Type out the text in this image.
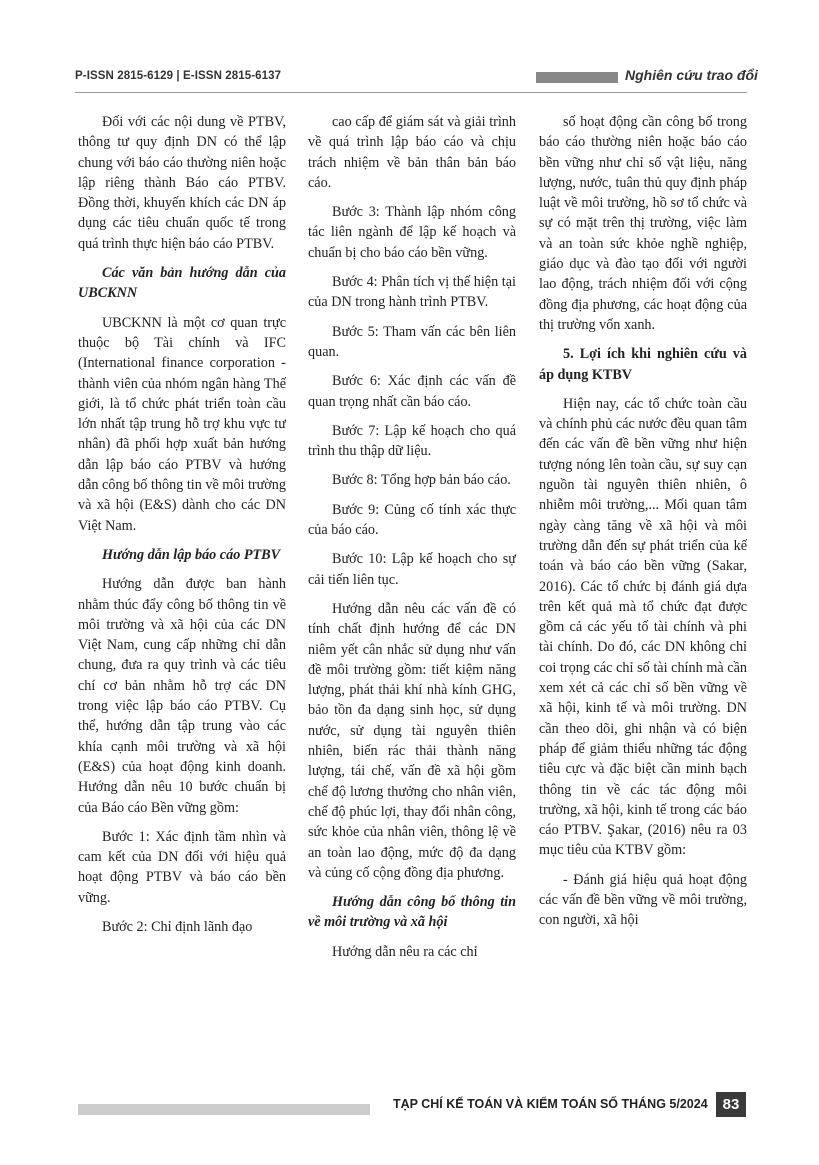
P-ISSN 2815-6129 | E-ISSN 2815-6137	Nghiên cứu trao đổi

Đối với các nội dung về PTBV, thông tư quy định DN có thể lập chung với báo cáo thường niên hoặc lập riêng thành Báo cáo PTBV. Đồng thời, khuyến khích các DN áp dụng các tiêu chuẩn quốc tế trong quá trình thực hiện báo cáo PTBV.

Các văn bản hướng dẫn của UBCKNN

UBCKNN là một cơ quan trực thuộc bộ Tài chính và IFC (International finance corporation - thành viên của nhóm ngân hàng Thế giới, là tổ chức phát triển toàn cầu lớn nhất tập trung hỗ trợ khu vực tư nhân) đã phối hợp xuất bản hướng dẫn lập báo cáo PTBV và hướng dẫn công bố thông tin về môi trường và xã hội (E&S) dành cho các DN Việt Nam.

Hướng dẫn lập báo cáo PTBV

Hướng dẫn được ban hành nhằm thúc đẩy công bố thông tin về môi trường và xã hội của các DN Việt Nam, cung cấp những chỉ dẫn chung, đưa ra quy trình và các tiêu chí cơ bản nhằm hỗ trợ các DN trong việc lập báo cáo PTBV. Cụ thể, hướng dẫn tập trung vào các khía cạnh môi trường và xã hội (E&S) của hoạt động kinh doanh. Hướng dẫn nêu 10 bước chuẩn bị của Báo cáo Bền vững gồm:

Bước 1: Xác định tầm nhìn và cam kết của DN đối với hiệu quả hoạt động PTBV và báo cáo bền vững.

Bước 2: Chỉ định lãnh đạo

cao cấp để giám sát và giải trình về quá trình lập báo cáo và chịu trách nhiệm về bản thân bản báo cáo.

Bước 3: Thành lập nhóm công tác liên ngành để lập kế hoạch và chuẩn bị cho báo cáo bền vững.

Bước 4: Phân tích vị thế hiện tại của DN trong hành trình PTBV.

Bước 5: Tham vấn các bên liên quan.

Bước 6: Xác định các vấn đề quan trọng nhất cần báo cáo.

Bước 7: Lập kế hoạch cho quá trình thu thập dữ liệu.

Bước 8: Tổng hợp bản báo cáo.

Bước 9: Củng cố tính xác thực của báo cáo.

Bước 10: Lập kế hoạch cho sự cải tiến liên tục.

Hướng dẫn nêu các vấn đề có tính chất định hướng để các DN niêm yết cân nhắc sử dụng như vấn đề môi trường gồm: tiết kiệm năng lượng, phát thải khí nhà kính GHG, bảo tồn đa dạng sinh học, sử dụng nước, sử dụng tài nguyên thiên nhiên, biến rác thải thành năng lượng, tái chế, vấn đề xã hội gồm chế độ lương thưởng cho nhân viên, chế độ phúc lợi, thay đổi nhân công, sức khỏe của nhân viên, thông lệ về an toàn lao động, mức độ đa dạng và củng cố cộng đồng địa phương.

Hướng dẫn công bố thông tin về môi trường và xã hội

Hướng dẫn nêu ra các chỉ

số hoạt động cần công bố trong báo cáo thường niên hoặc báo cáo bền vững như chỉ số vật liệu, năng lượng, nước, tuân thủ quy định pháp luật về môi trường, hồ sơ tổ chức và sự có mặt trên thị trường, việc làm và an toàn sức khỏe nghề nghiệp, giáo dục và đào tạo đối với người lao động, trách nhiệm đối với cộng đồng địa phương, các hoạt động của thị trường vốn xanh.

5. Lợi ích khi nghiên cứu và áp dụng KTBV

Hiện nay, các tổ chức toàn cầu và chính phủ các nước đều quan tâm đến các vấn đề bền vững như hiện tượng nóng lên toàn cầu, sự suy cạn nguồn tài nguyên thiên nhiên, ô nhiễm môi trường,... Mối quan tâm ngày càng tăng về xã hội và môi trường dẫn đến sự phát triển của kế toán và báo cáo bền vững (Sakar, 2016). Các tổ chức bị đánh giá dựa trên kết quả mà tổ chức đạt được gồm cả các yếu tố tài chính và phi tài chính. Do đó, các DN không chỉ coi trọng các chỉ số tài chính mà cần xem xét cả các chỉ số bền vững về xã hội, kinh tế và môi trường. DN cần theo dõi, ghi nhận và có biện pháp để giảm thiểu những tác động tiêu cực và đặc biệt cần minh bạch thông tin về các tác động môi trường, xã hội, kinh tế trong các báo cáo PTBV. Şakar, (2016) nêu ra 03 mục tiêu của KTBV gồm:

- Đánh giá hiệu quả hoạt động các vấn đề bền vững về môi trường, con người, xã hội

TẠP CHÍ KẾ TOÁN VÀ KIỂM TOÁN SỐ THÁNG 5/2024	83
